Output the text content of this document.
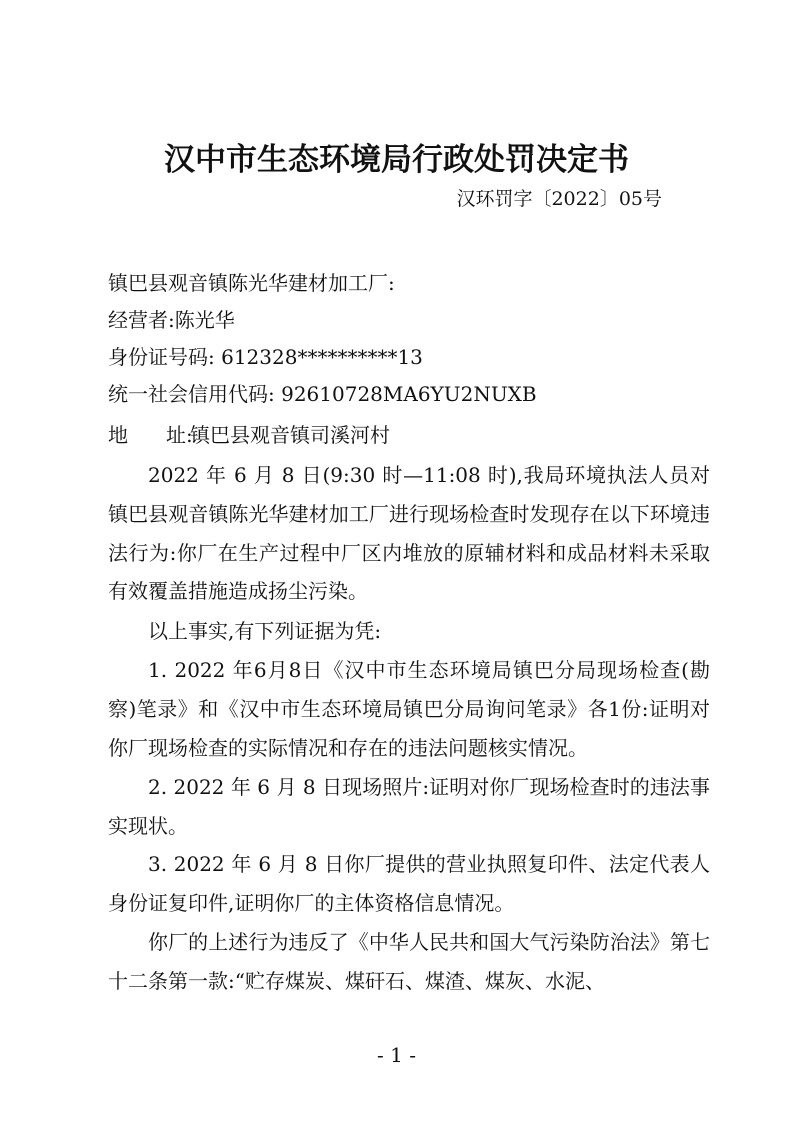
汉中市生态环境局行政处罚决定书
汉环罚字〔2022〕05号
镇巴县观音镇陈光华建材加工厂:
经营者:陈光华
身份证号码: 612328**********13
统一社会信用代码: 92610728MA6YU2NUXB
地 址:镇巴县观音镇司溪河村

2022 年 6 月 8 日(9:30 时—11:08 时),我局环境执法人员对镇巴县观音镇陈光华建材加工厂进行现场检查时发现存在以下环境违法行为:你厂在生产过程中厂区内堆放的原辅材料和成品材料未采取有效覆盖措施造成扬尘污染。

以上事实,有下列证据为凭:

1. 2022 年6月8日《汉中市生态环境局镇巴分局现场检查(勘察)笔录》和《汉中市生态环境局镇巴分局询问笔录》各1份:证明对你厂现场检查的实际情况和存在的违法问题核实情况。

2. 2022 年 6 月 8 日现场照片:证明对你厂现场检查时的违法事实现状。

3. 2022 年 6 月 8 日你厂提供的营业执照复印件、法定代表人身份证复印件,证明你厂的主体资格信息情况。

你厂的上述行为违反了《中华人民共和国大气污染防治法》第七十二条第一款:“贮存煤炭、煤矸石、煤渣、煤灰、水泥、

- 1 -
